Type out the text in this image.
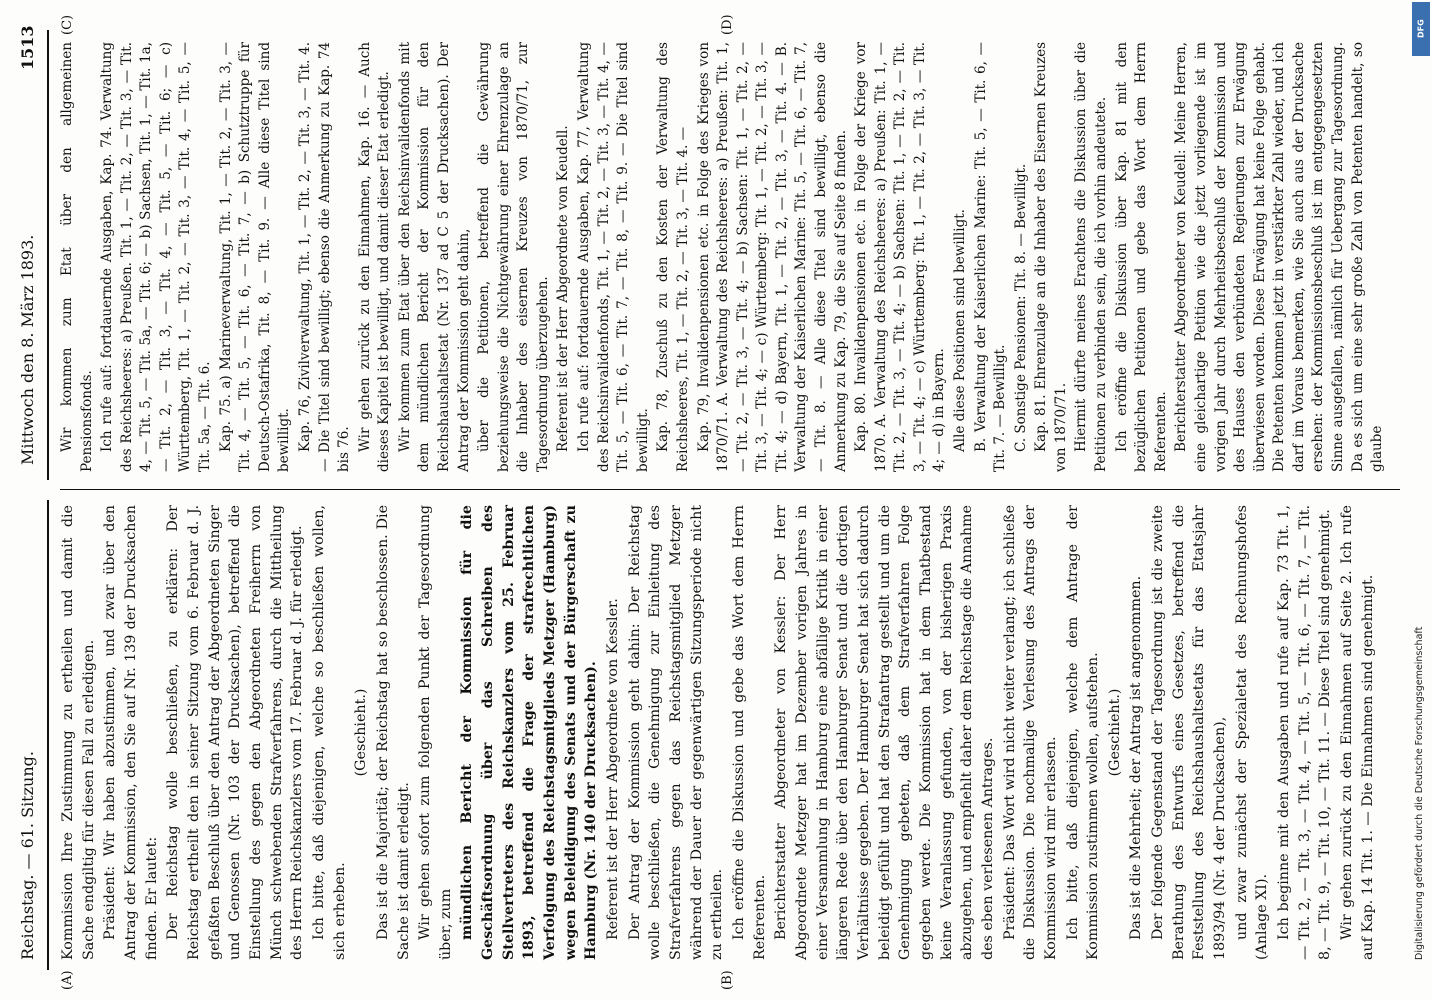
Reichstag. — 61. Sitzung.
Mittwoch den 8. März 1893.
1513
(A)	(B)
(C)	(D)

Kommission Ihre Zustimmung zu ertheilen und damit die Sache endgiltig für diesen Fall zu erledigen. Präsident: Wir haben abzustimmen, und zwar über den Antrag der Kommission, den Sie auf Nr. 139 der Drucksachen finden. Er lautet: Der Reichstag wolle beschließen, zu erklären: Der Reichstag ertheilt den in seiner Sitzung vom 6. Februar d. J. gefaßten Beschluß über den Antrag der Abgeordneten Singer und Genossen (Nr. 103 der Drucksachen), betreffend die Einstellung des gegen den Abgeordneten Freiherrn von Münch schwebenden Strafverfahrens, durch die Mittheilung des Herrn Reichskanzlers vom 17. Februar d. J. für erledigt. Ich bitte, daß diejenigen, welche so beschließen wollen, sich erheben.

(Geschieht.) Das ist die Majorität; der Reichstag hat so beschlossen. Die Sache ist damit erledigt. Wir gehen sofort zum folgenden Punkt der Tagesordnung über, zum mündlichen Bericht der Kommission für die Geschäftsordnung über das Schreiben des Stellvertreters des Reichskanzlers vom 25. Februar 1893, betreffend die Frage der strafrechtlichen Verfolgung des Reichstagsmitglieds Metzger (Hamburg) wegen Beleidigung des Senats und der Bürgerschaft zu Hamburg (Nr. 140 der Drucksachen). Referent ist der Herr Abgeordnete von Kessler. Der Antrag der Kommission geht dahin: Der Reichstag wolle beschließen, die Genehmigung zur Einleitung des Strafverfahrens gegen das Reichstagsmitglied Metzger während der Dauer der gegenwärtigen Sitzungsperiode nicht zu ertheilen. Ich eröffne die Diskussion und gebe das Wort dem Herrn Referenten. Berichterstatter Abgeordneter von Kessler: Der Herr Abgeordnete Metzger hat im Dezember vorigen Jahres in einer Versammlung in Hamburg eine abfällige Kritik in einer längeren Rede über den Hamburger Senat und die dortigen Verhältnisse gegeben. Der Hamburger Senat hat sich dadurch beleidigt gefühlt und hat den Strafantrag gestellt und um die Genehmigung gebeten, daß dem Strafverfahren Folge gegeben werde. Die Kommission hat in dem Thatbestand keine Veranlassung gefunden, von der bisherigen Praxis abzugehen, und empfiehlt daher dem Reichstage die Annahme des eben verlesenen Antrages. Präsident: Das Wort wird nicht weiter verlangt; ich schließe die Diskussion. Die nochmalige Verlesung des Antrags der Kommission wird mir erlassen. Ich bitte, daß diejenigen, welche dem Antrage der Kommission zustimmen wollen, aufstehen. (Geschieht.) Das ist die Mehrheit; der Antrag ist angenommen. Der folgende Gegenstand der Tagesordnung ist die zweite Berathung des Entwurfs eines Gesetzes, betreffend die Feststellung des Reichshaushaltsetats für das Etatsjahr 1893/94 (Nr. 4 der Drucksachen), und zwar zunächst der Spezialetat des Rechnungshofes (Anlage XI). Ich beginne mit den Ausgaben und rufe auf Kap. 73 Tit. 1, — Tit. 2, — Tit. 3, — Tit. 4, — Tit. 5, — Tit. 6, — Tit. 7, — Tit. 8, — Tit. 9, — Tit. 10, — Tit. 11. — Diese Titel sind genehmigt. Wir gehen zurück zu den Einnahmen auf Seite 2. Ich rufe auf Kap. 14 Tit. 1. — Die Einnahmen sind genehmigt.

Wir kommen zum Etat über den allgemeinen Pensionsfonds. Ich rufe auf: fortdauernde Ausgaben, Kap. 74. Verwaltung des Reichsheeres: a) Preußen. Tit. 1, — Tit. 2, — Tit. 3, — Tit. 4, — Tit. 5, — Tit. 5a, — Tit. 6; — b) Sachsen, Tit. 1, — Tit. 1a, — Tit. 2, — Tit. 3, — Tit. 4, — Tit. 5, — Tit. 6; — c) Württemberg, Tit. 1, — Tit. 2, — Tit. 3, — Tit. 4, — Tit. 5, — Tit. 5a, — Tit. 6. Kap. 75. a) Marineverwaltung, Tit. 1, — Tit. 2, — Tit. 3, — Tit. 4, — Tit. 5, — Tit. 6, — Tit. 7, — b) Schutztruppe für Deutsch-Ostafrika, Tit. 8, — Tit. 9. — Alle diese Titel sind bewilligt. Kap. 76, Zivilverwaltung, Tit. 1, — Tit. 2, — Tit. 3, — Tit. 4. — Die Titel sind bewilligt; ebenso die Anmerkung zu Kap. 74 bis 76. Wir gehen zurück zu den Einnahmen, Kap. 16. — Auch dieses Kapitel ist bewilligt, und damit dieser Etat erledigt. Wir kommen zum Etat über den Reichsinvalidenfonds mit dem mündlichen Bericht der Kommission für den Reichshaushaltsetat (Nr. 137 ad C 5 der Drucksachen). Der Antrag der Kommission geht dahin, über die Petitionen, betreffend die Gewährung beziehungsweise die Nichtgewährung einer Ehrenzulage an die Inhaber des eisernen Kreuzes von 1870/71, zur Tagesordnung überzugehen. Referent ist der Herr Abgeordnete von Keudell. Ich rufe auf: fortdauernde Ausgaben, Kap. 77, Verwaltung des Reichsinvalidenfonds, Tit. 1, — Tit. 2, — Tit. 3, — Tit. 4, — Tit. 5, — Tit. 6, — Tit. 7, — Tit. 8, — Tit. 9. — Die Titel sind bewilligt. Kap. 78, Zuschuß zu den Kosten der Verwaltung des Reichsheeres, Tit. 1, — Tit. 2, — Tit. 3, — Tit. 4. — Kap. 79, Invalidenpensionen etc. in Folge des Krieges von 1870/71. A. Verwaltung des Reichsheeres: a) Preußen: Tit. 1, — Tit. 2, — Tit. 3, — Tit. 4; — b) Sachsen: Tit. 1, — Tit. 2, — Tit. 3, — Tit. 4; — c) Württemberg: Tit. 1, — Tit. 2, — Tit. 3, — Tit. 4; — d) Bayern, Tit. 1, — Tit. 2, — Tit. 3, — Tit. 4. — B. Verwaltung der Kaiserlichen Marine: Tit. 5, — Tit. 6, — Tit. 7, — Tit. 8. — Alle diese Titel sind bewilligt, ebenso die Anmerkung zu Kap. 79, die Sie auf Seite 8 finden. Kap. 80. Invalidenpensionen etc. in Folge der Kriege vor 1870. A. Verwaltung des Reichsheeres: a) Preußen: Tit. 1, — Tit. 2, — Tit. 3, — Tit. 4; — b) Sachsen: Tit. 1, — Tit. 2, — Tit. 3, — Tit. 4; — c) Württemberg: Tit. 1, — Tit. 2, — Tit. 3, — Tit. 4; — d) in Bayern. Alle diese Positionen sind bewilligt. B. Verwaltung der Kaiserlichen Marine: Tit. 5, — Tit. 6, — Tit. 7. — Bewilligt. C. Sonstige Pensionen: Tit. 8. — Bewilligt. Kap. 81. Ehrenzulage an die Inhaber des Eisernen Kreuzes von 1870/71. Hiermit dürfte meines Erachtens die Diskussion über die Petitionen zu verbinden sein, die ich vorhin andeutete. Ich eröffne die Diskussion über Kap. 81 mit den bezüglichen Petitionen und gebe das Wort dem Herrn Referenten. Berichterstatter Abgeordneter von Keudell: Meine Herren, eine gleichartige Petition wie die jetzt vorliegende ist im vorigen Jahr durch Mehrheitsbeschluß der Kommission und des Hauses den verbündeten Regierungen zur Erwägung überwiesen worden. Diese Erwägung hat keine Folge gehabt. Die Petenten kommen jetzt in verstärkter Zahl wieder, und ich darf im Voraus bemerken, wie Sie auch aus der Drucksache ersehen: der Kommissionsbeschluß ist im entgegengesetzten Sinne ausgefallen, nämlich für Uebergang zur Tagesordnung. Da es sich um eine sehr große Zahl von Petenten handelt, so glaube

Digitalisierung gefördert durch die Deutsche Forschungsgemeinschaft
DFG
